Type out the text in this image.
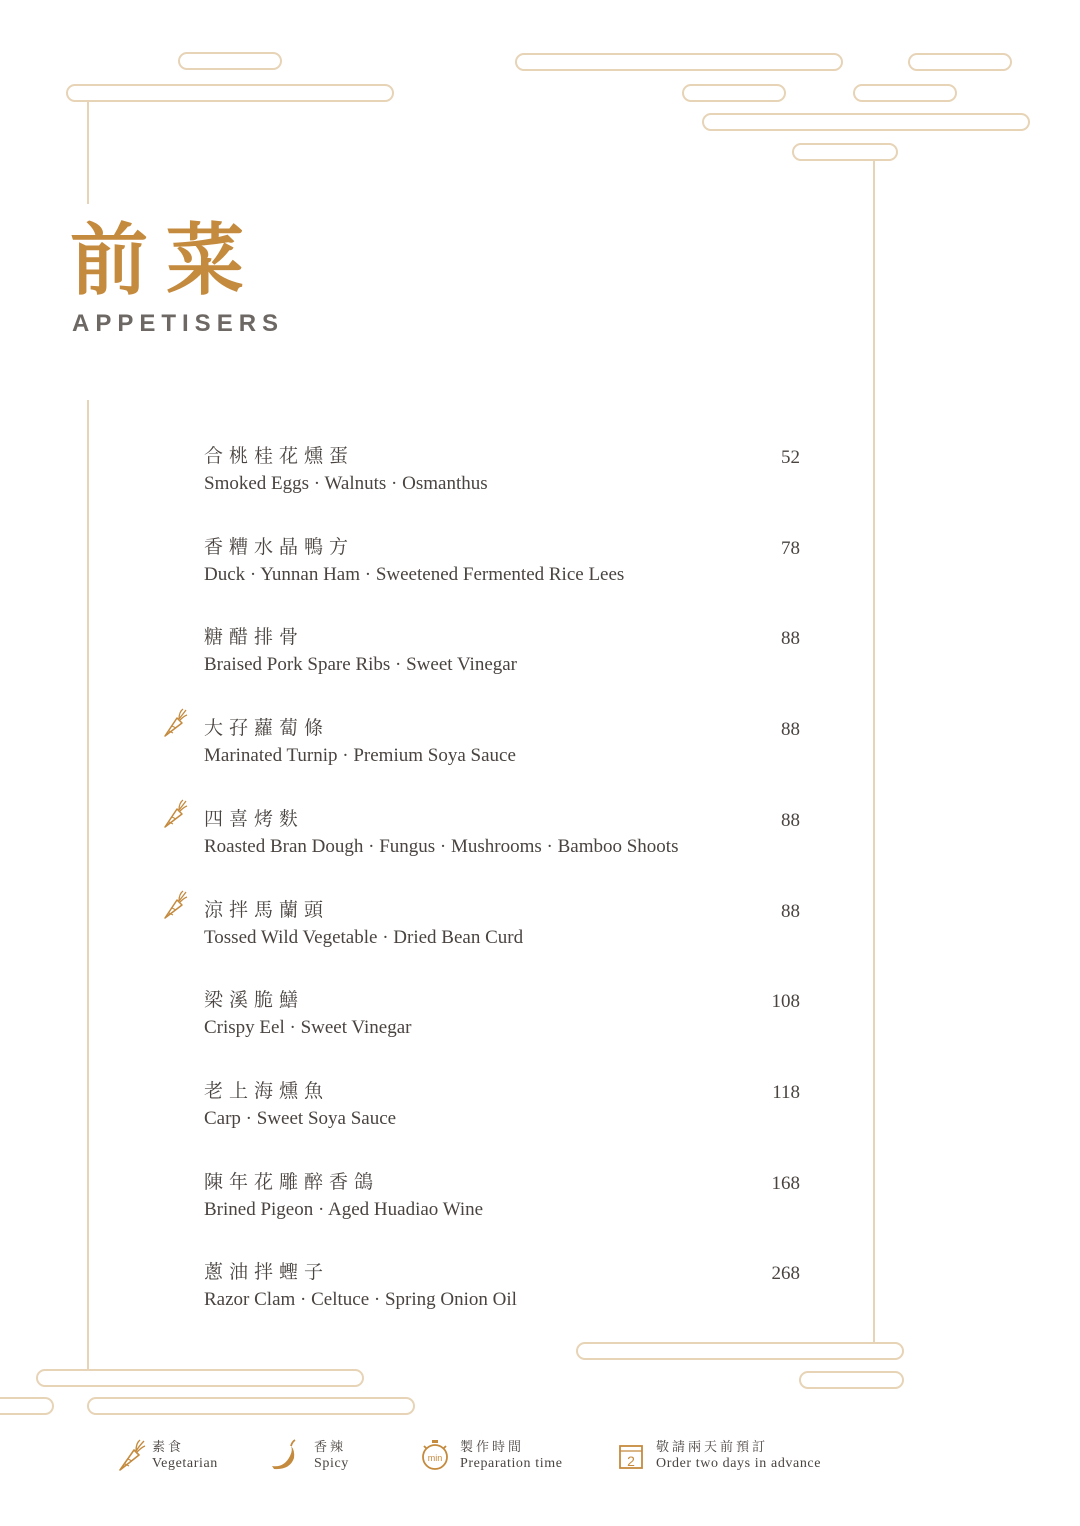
前菜
APPETISERS
合桃桂花燻蛋
Smoked Eggs · Walnuts · Osmanthus
52
香糟水晶鴨方
Duck · Yunnan Ham · Sweetened Fermented Rice Lees
78
糖醋排骨
Braised Pork Spare Ribs · Sweet Vinegar
88
大孖蘿蔔條
Marinated Turnip · Premium Soya Sauce
88
四喜烤麩
Roasted Bran Dough · Fungus · Mushrooms · Bamboo Shoots
88
涼拌馬蘭頭
Tossed Wild Vegetable · Dried Bean Curd
88
梁溪脆鱔
Crispy Eel · Sweet Vinegar
108
老上海燻魚
Carp · Sweet Soya Sauce
118
陳年花雕醉香鴿
Brined Pigeon · Aged Huadiao Wine
168
蔥油拌蟶子
Razor Clam · Celtuce · Spring Onion Oil
268
素食
Vegetarian
香辣
Spicy	min
製作時間
Preparation time	2
敬請兩天前預訂
Order two days in advance
